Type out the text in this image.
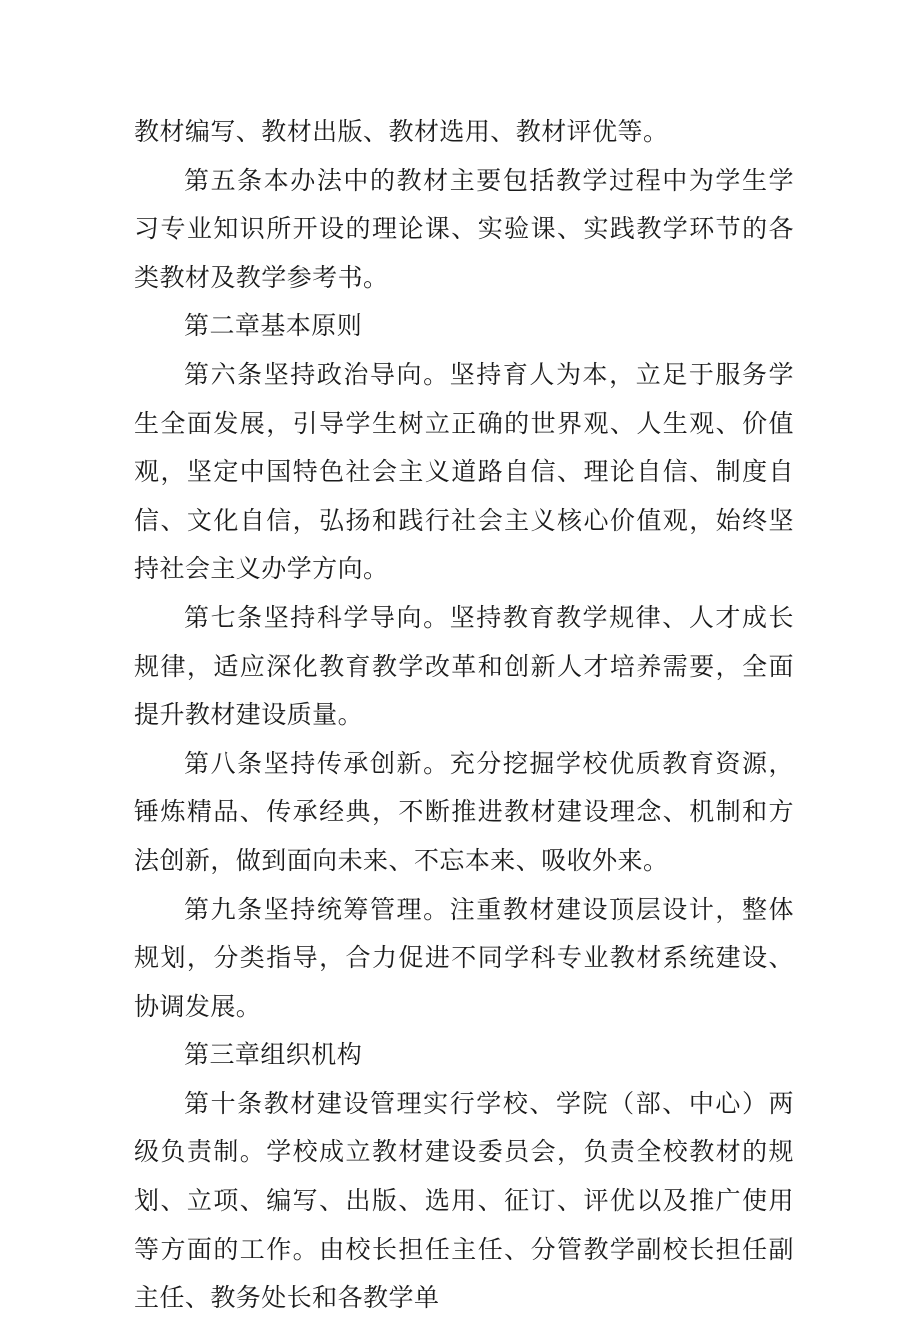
教材编写、教材出版、教材选用、教材评优等。

第五条本办法中的教材主要包括教学过程中为学生学习专业知识所开设的理论课、实验课、实践教学环节的各类教材及教学参考书。

第二章基本原则

第六条坚持政治导向。坚持育人为本，立足于服务学生全面发展，引导学生树立正确的世界观、人生观、价值观，坚定中国特色社会主义道路自信、理论自信、制度自信、文化自信，弘扬和践行社会主义核心价值观，始终坚持社会主义办学方向。

第七条坚持科学导向。坚持教育教学规律、人才成长规律，适应深化教育教学改革和创新人才培养需要，全面提升教材建设质量。

第八条坚持传承创新。充分挖掘学校优质教育资源，锤炼精品、传承经典，不断推进教材建设理念、机制和方法创新，做到面向未来、不忘本来、吸收外来。

第九条坚持统筹管理。注重教材建设顶层设计，整体规划，分类指导，合力促进不同学科专业教材系统建设、协调发展。

第三章组织机构

第十条教材建设管理实行学校、学院（部、中心）两级负责制。学校成立教材建设委员会，负责全校教材的规划、立项、编写、出版、选用、征订、评优以及推广使用等方面的工作。由校长担任主任、分管教学副校长担任副主任、教务处长和各教学单
